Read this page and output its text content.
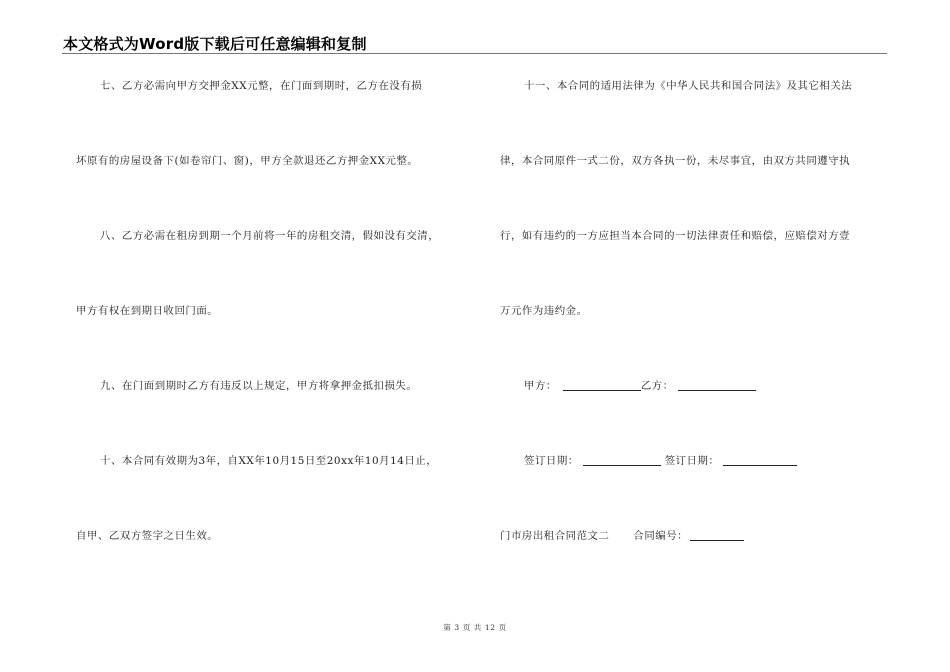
本文格式为Word版下载后可任意编辑和复制
七、乙方必需向甲方交押金XX元整，在门面到期时，乙方在没有损
坏原有的房屋设备下(如卷帘门、窗)，甲方全款退还乙方押金XX元整。
八、乙方必需在租房到期一个月前将一年的房租交清，假如没有交清，
甲方有权在到期日收回门面。
九、在门面到期时乙方有违反以上规定，甲方将拿押金抵扣损失。
十、本合同有效期为3年，自XX年10月15日至20xx年10月14日止，
自甲、乙双方签字之日生效。
十一、本合同的适用法律为《中华人民共和国合同法》及其它相关法
律，本合同原件一式二份，双方各执一份，未尽事宜，由双方共同遵守执
行，如有违约的一方应担当本合同的一切法律责任和赔偿，应赔偿对方壹
万元作为违约金。
甲方：	乙方：
签订日期：	签订日期：
门市房出租合同范文二 合同编号：
第 3 页 共 12 页
